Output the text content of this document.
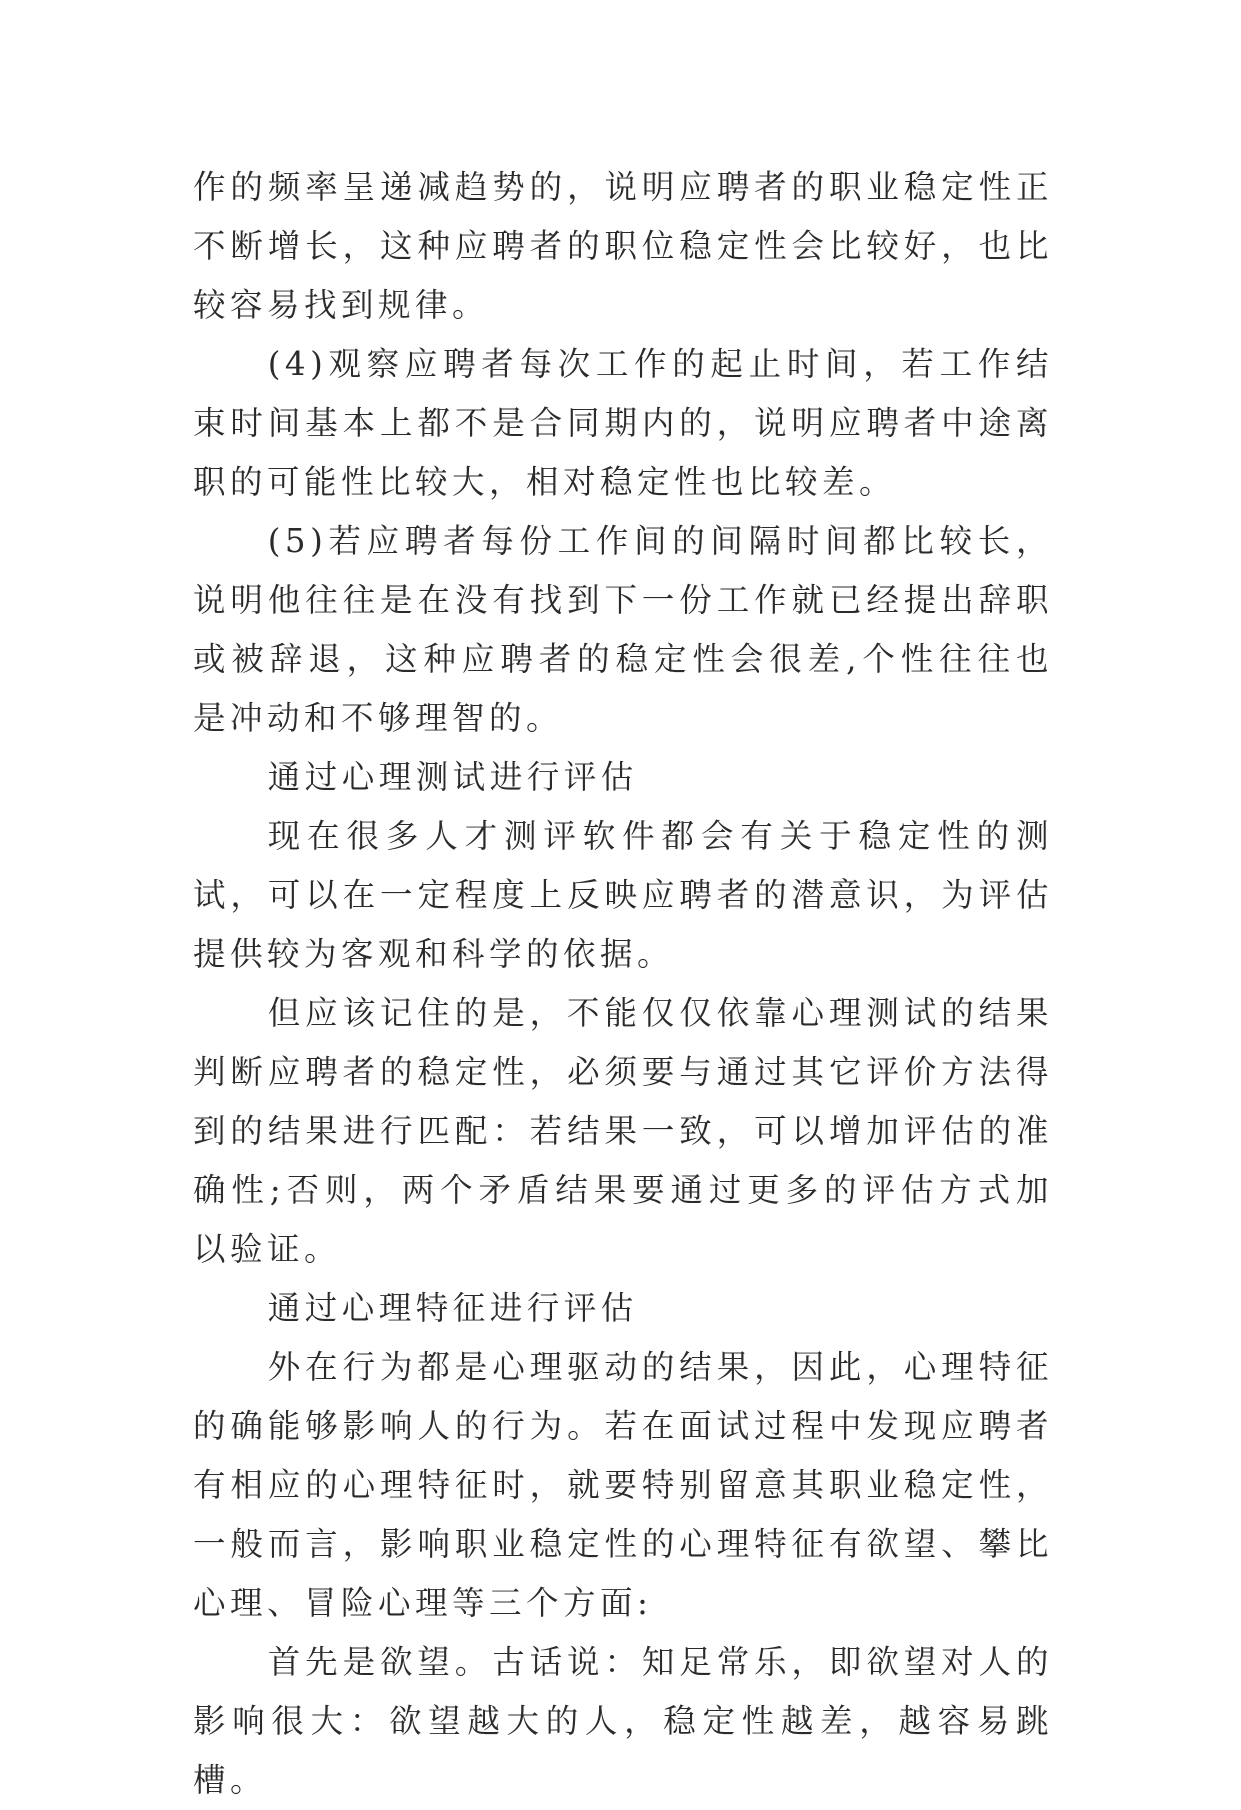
作的频率呈递减趋势的，说明应聘者的职业稳定性正不断增长，这种应聘者的职位稳定性会比较好，也比较容易找到规律。

(4)观察应聘者每次工作的起止时间，若工作结束时间基本上都不是合同期内的，说明应聘者中途离职的可能性比较大，相对稳定性也比较差。

(5)若应聘者每份工作间的间隔时间都比较长，说明他往往是在没有找到下一份工作就已经提出辞职或被辞退，这种应聘者的稳定性会很差,个性往往也是冲动和不够理智的。

通过心理测试进行评估

现在很多人才测评软件都会有关于稳定性的测试，可以在一定程度上反映应聘者的潜意识，为评估提供较为客观和科学的依据。

但应该记住的是，不能仅仅依靠心理测试的结果判断应聘者的稳定性，必须要与通过其它评价方法得到的结果进行匹配：若结果一致，可以增加评估的准确性;否则，两个矛盾结果要通过更多的评估方式加以验证。

通过心理特征进行评估

外在行为都是心理驱动的结果，因此，心理特征的确能够影响人的行为。若在面试过程中发现应聘者有相应的心理特征时，就要特别留意其职业稳定性，一般而言，影响职业稳定性的心理特征有欲望、攀比心理、冒险心理等三个方面:

首先是欲望。古话说：知足常乐，即欲望对人的影响很大：欲望越大的人，稳定性越差，越容易跳槽。
